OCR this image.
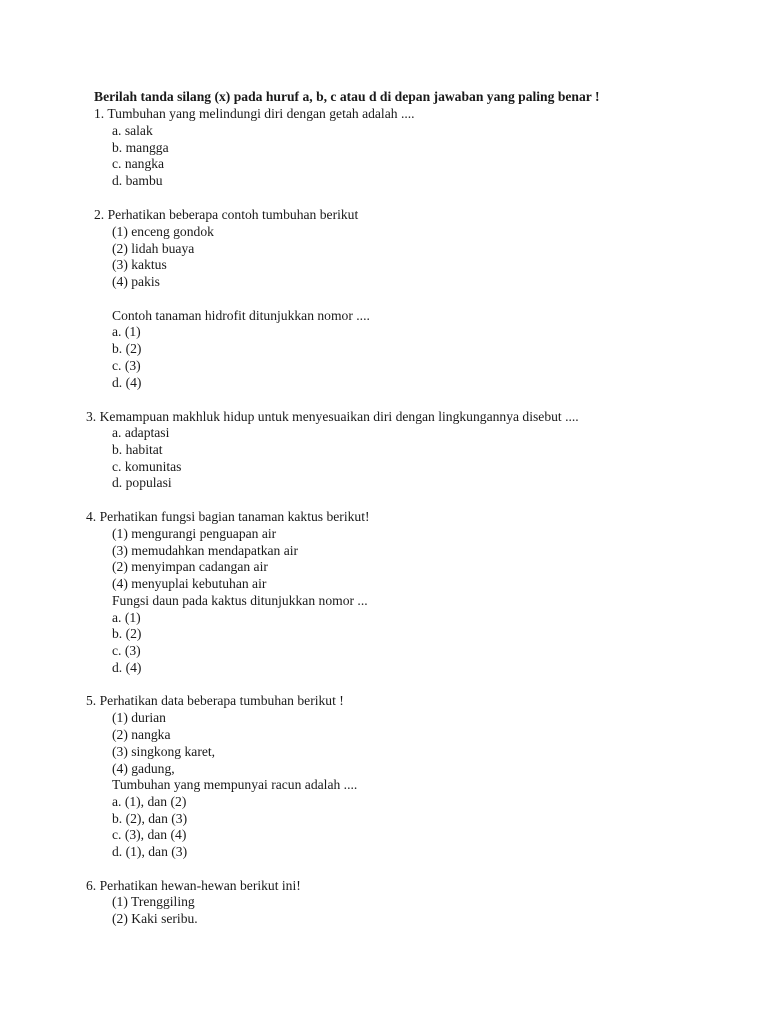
Berilah tanda silang (x) pada huruf a, b, c atau d di depan jawaban yang paling benar !
1. Tumbuhan yang melindungi diri dengan getah adalah ....
a. salak
b. mangga
c. nangka
d. bambu
2. Perhatikan beberapa contoh tumbuhan berikut
(1) enceng gondok
(2) lidah buaya
(3) kaktus
(4) pakis
Contoh tanaman hidrofit ditunjukkan nomor ....
a. (1)
b. (2)
c. (3)
d. (4)
3. Kemampuan makhluk hidup untuk menyesuaikan diri dengan lingkungannya disebut ....
a. adaptasi
b. habitat
c. komunitas
d. populasi
4. Perhatikan fungsi bagian tanaman kaktus berikut!
(1) mengurangi penguapan air
(3) memudahkan mendapatkan air
(2) menyimpan cadangan air
(4) menyuplai kebutuhan air
Fungsi daun pada kaktus ditunjukkan nomor ...
a. (1)
b. (2)
c. (3)
d. (4)
5. Perhatikan data beberapa tumbuhan berikut !
(1) durian
(2) nangka
(3) singkong karet,
(4) gadung,
Tumbuhan yang mempunyai racun adalah ....
a. (1), dan (2)
b. (2), dan (3)
c. (3), dan (4)
d. (1), dan (3)
6. Perhatikan hewan-hewan berikut ini!
(1) Trenggiling
(2) Kaki seribu.
